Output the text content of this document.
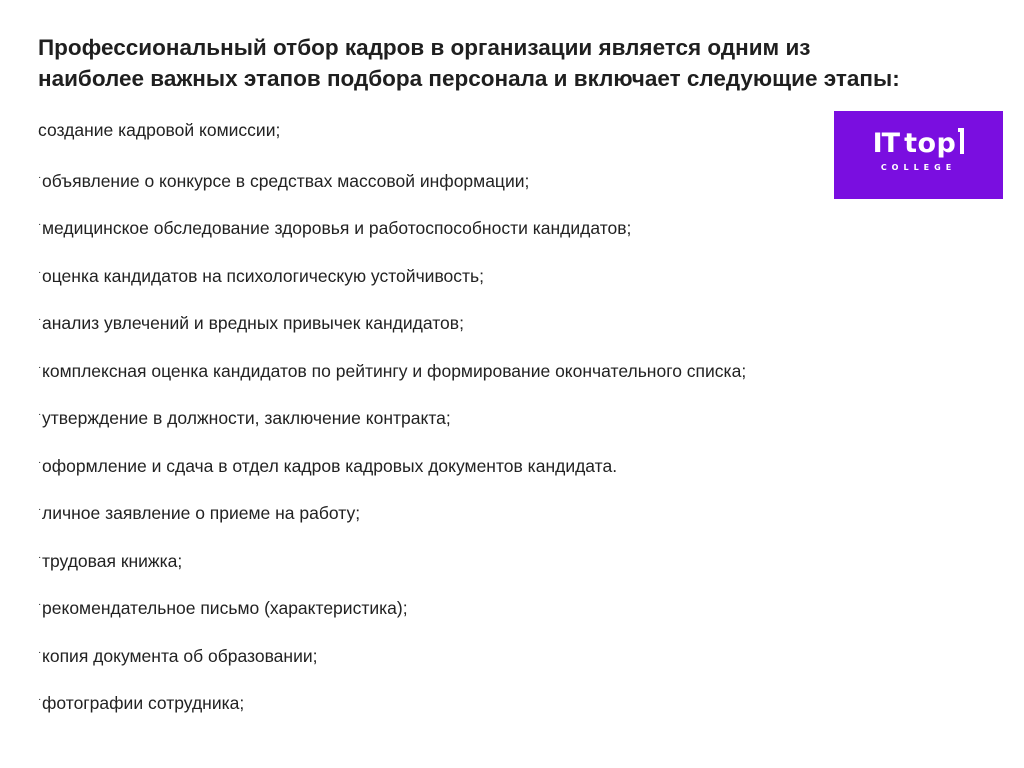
Профессиональный отбор кадров в организации является одним из
наиболее важных этапов подбора персонала и включает следующие этапы:
создание кадровой комиссии;
·объявление о конкурсе в средствах массовой информации;
·медицинское обследование здоровья и работоспособности кандидатов;
·оценка кандидатов на психологическую устойчивость;
·анализ увлечений и вредных привычек кандидатов;
·комплексная оценка кандидатов по рейтингу и формирование окончательного списка;
·утверждение в должности, заключение контракта;
·оформление и сдача в отдел кадров кадровых документов кандидата.
·личное заявление о приеме на работу;
·трудовая книжка;
·рекомендательное письмо (характеристика);
·копия документа об образовании;
·фотографии сотрудника;
IT top
COLLEGE
